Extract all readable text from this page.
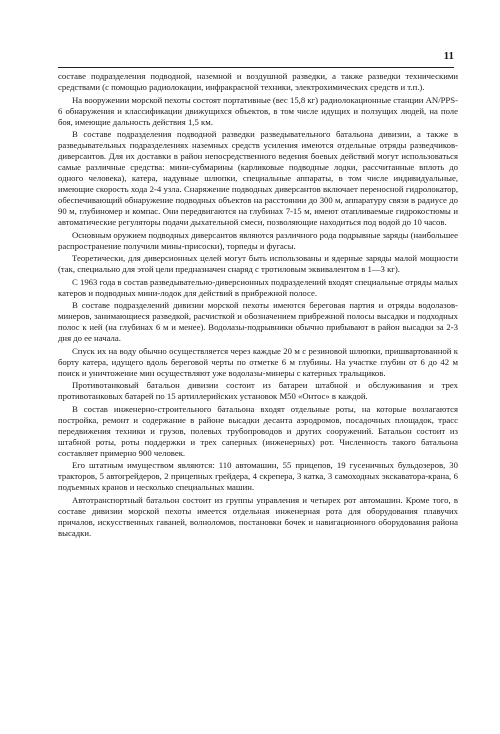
11

составе подразделения подводной, наземной и воздушной разведки, а также разведки техническими средствами (с помощью радиолокации, инфракрасной техники, электрохимических средств и т.п.).

На вооружении морской пехоты состоят портативные (вес 15,8 кг) радиолокационные станции AN/PPS-6 обнаружения и классификации движущихся объектов, в том числе идущих и ползущих людей, на поле боя, имеющие дальность действия 1,5 км.

В составе подразделения подводной разведки разведывательного батальона дивизии, а также в разведывательных подразделениях наземных средств усиления имеются отдельные отряды разведчиков-диверсантов. Для их доставки в район непосредственного ведения боевых действий могут использоваться самые различные средства: мини-субмарины (карликовые подводные лодки, рассчитанные вплоть до одного человека), катера, надувные шлюпки, специальные аппараты, в том числе индивидуальные, имеющие скорость хода 2-4 узла. Снаряжение подводных диверсантов включает переносной гидролокатор, обеспечивающий обнаружение подводных объектов на расстоянии до 300 м, аппаратуру связи в радиусе до 90 м, глубиномер и компас. Они передвигаются на глубинах 7-15 м, имеют отапливаемые гидрокостюмы и автоматические регуляторы подачи дыхательной смеси, позволяющие находиться под водой до 10 часов.

Основным оружием подводных диверсантов являются различного рода подрывные заряды (наибольшее распространение получили мины-присоски), торпеды и фугасы.

Теоретически, для диверсионных целей могут быть использованы и ядерные заряды малой мощности (так, специально для этой цели предназначен снаряд с тротиловым эквивалентом в 1—3 кг).

С 1963 года в состав разведывательно-диверсионных подразделений входят специальные отряды малых катеров и подводных мини-лодок для действий в прибрежной полосе.

В составе подразделений дивизии морской пехоты имеются береговая партия и отряды водолазов-минеров, занимающиеся разведкой, расчисткой и обозначением прибрежной полосы высадки и подходных полос к ней (на глубинах 6 м и менее). Водолазы-подрывники обычно прибывают в район высадки за 2-3 дня до ее начала.

Спуск их на воду обычно осуществляется через каждые 20 м с резиновой шлюпки, пришвартованной к борту катера, идущего вдоль береговой черты по отметке 6 м глубины. На участке глубин от 6 до 42 м поиск и уничтожение мин осуществляют уже водолазы-минеры с катерных тральщиков.

Противотанковый батальон дивизии состоит из батареи штабной и обслуживания и трех противотанковых батарей по 15 артиллерийских установок М50 «Онтос» в каждой.

В состав инженерно-строительного батальона входят отдельные роты, на которые возлагаются постройка, ремонт и содержание в районе высадки десанта аэродромов, посадочных площадок, трасс передвижения техники и грузов, полевых трубопроводов и других сооружений. Батальон состоит из штабной роты, роты поддержки и трех саперных (инженерных) рот. Численность такого батальона составляет примерно 900 человек.

Его штатным имуществом являются: 110 автомашин, 55 прицепов, 19 гусеничных бульдозеров, 30 тракторов, 5 автогрейдеров, 2 прицепных грейдера, 4 скрепера, 3 катка, 3 самоходных экскаватора-крана, 6 подъемных кранов и несколько специальных машин.

Автотранспортный батальон состоит из группы управления и четырех рот автомашин. Кроме того, в составе дивизии морской пехоты имеется отдельная инженерная рота для оборудования плавучих причалов, искусственных гаваней, волноломов, постановки бочек и навигационного оборудования района высадки.
